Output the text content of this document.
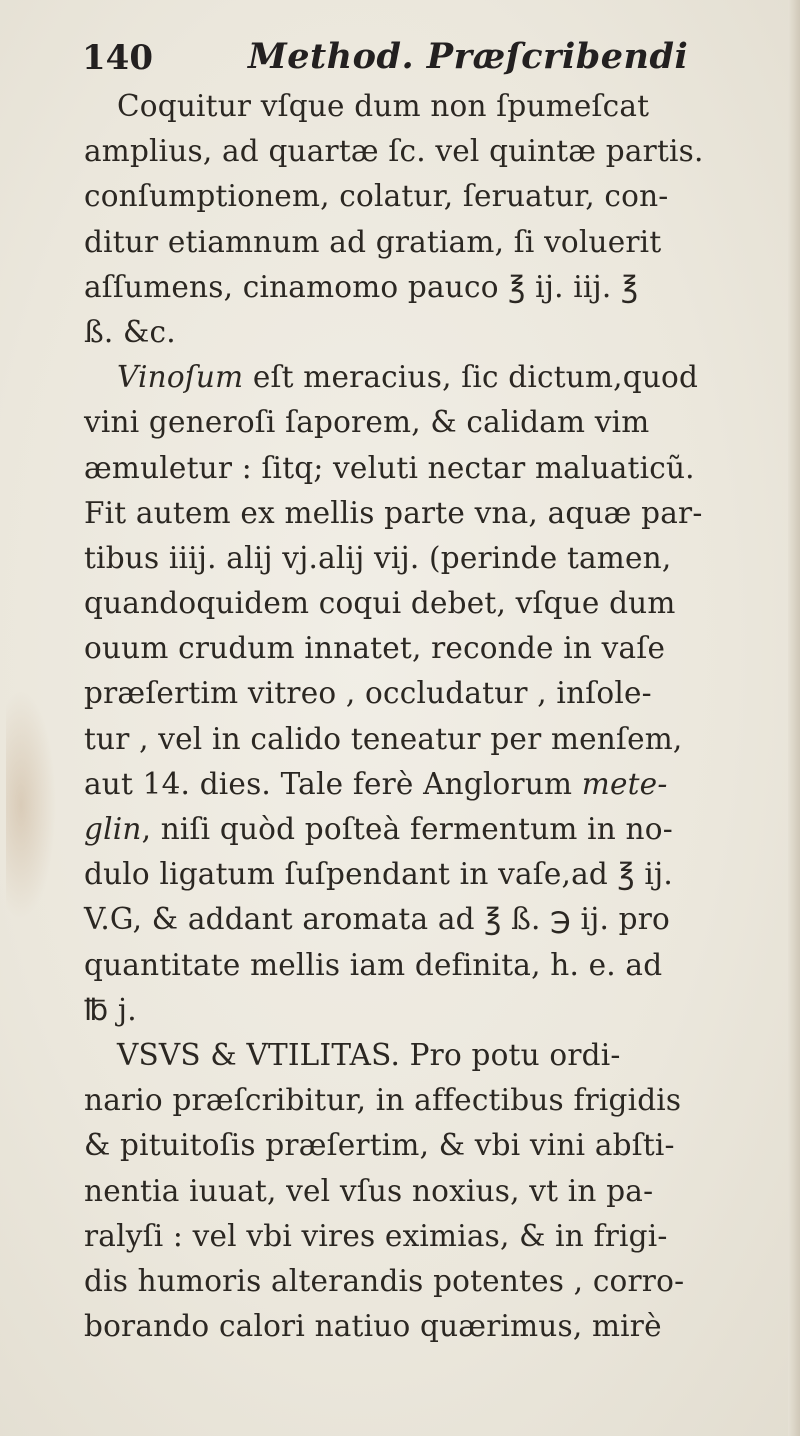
140	Method. Præſcribendi
Coquitur vſque dum non ſpumeſcat
amplius, ad quartæ ſc. vel quintæ partis.
conſumptionem, colatur, ſeruatur, con-
ditur etiamnum ad gratiam, ſi voluerit
aſſumens, cinamomo pauco ℥ ij. iij. ℥
ß. &c.
Vinoſum eſt meracius, ſic dictum,quod
vini generoſi ſaporem, & calidam vim
æmuletur : ſitq; veluti nectar maluaticũ.
Fit autem ex mellis parte vna, aquæ par-
tibus iiij. alij vj.alij vij. (perinde tamen,
quandoquidem coqui debet, vſque dum
ouum crudum innatet, reconde in vaſe
præſertim vitreo , occludatur , inſole-
tur , vel in calido teneatur per menſem,
aut 14. dies. Tale ferè Anglorum mete-
glin, niſi quòd poſteà fermentum in no-
dulo ligatum ſuſpendant in vaſe,ad ℥ ij.
V.G, & addant aromata ad ℥ ß. ℈ ij. pro
quantitate mellis iam definita, h. e. ad
℔ j.
VSVS & VTILITAS. Pro potu ordi-
nario præſcribitur, in affectibus frigidis
& pituitoſis præſertim, & vbi vini abſti-
nentia iuuat, vel vſus noxius, vt in pa-
ralyſi : vel vbi vires eximias, & in frigi-
dis humoris alterandis potentes , corro-
borando calori natiuo quærimus, mirè
